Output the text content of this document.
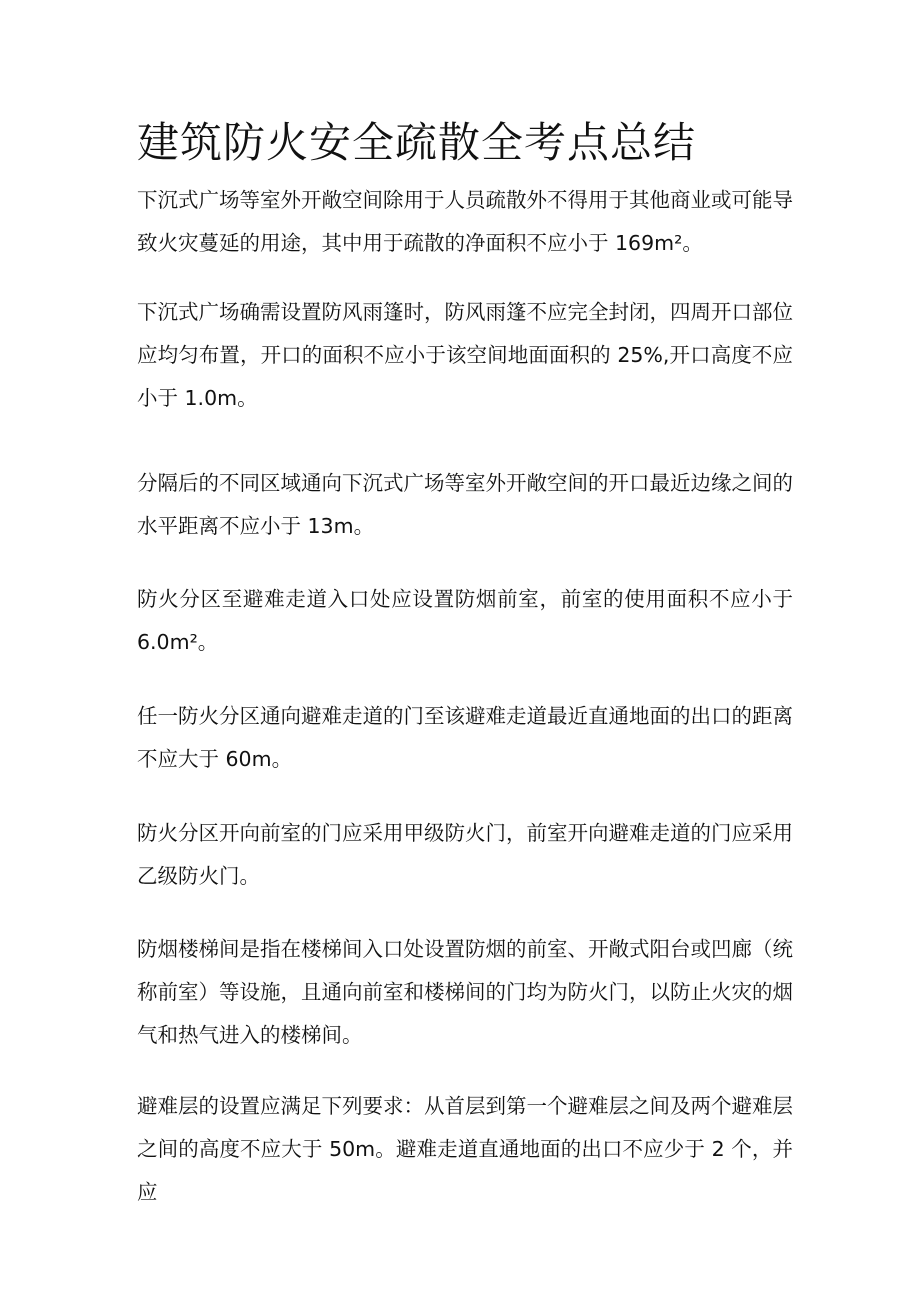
建筑防火安全疏散全考点总结

下沉式广场等室外开敞空间除用于人员疏散外不得用于其他商业或可能导致火灾蔓延的用途，其中用于疏散的净面积不应小于 169m²。

下沉式广场确需设置防风雨篷时，防风雨篷不应完全封闭，四周开口部位应均匀布置，开口的面积不应小于该空间地面面积的 25%,开口高度不应小于 1.0m。

分隔后的不同区域通向下沉式广场等室外开敞空间的开口最近边缘之间的水平距离不应小于 13m。

防火分区至避难走道入口处应设置防烟前室，前室的使用面积不应小于 6.0m²。

任一防火分区通向避难走道的门至该避难走道最近直通地面的出口的距离不应大于 60m。

防火分区开向前室的门应采用甲级防火门，前室开向避难走道的门应采用乙级防火门。

防烟楼梯间是指在楼梯间入口处设置防烟的前室、开敞式阳台或凹廊（统称前室）等设施，且通向前室和楼梯间的门均为防火门，以防止火灾的烟气和热气进入的楼梯间。

避难层的设置应满足下列要求：从首层到第一个避难层之间及两个避难层之间的高度不应大于 50m。避难走道直通地面的出口不应少于 2 个，并应
